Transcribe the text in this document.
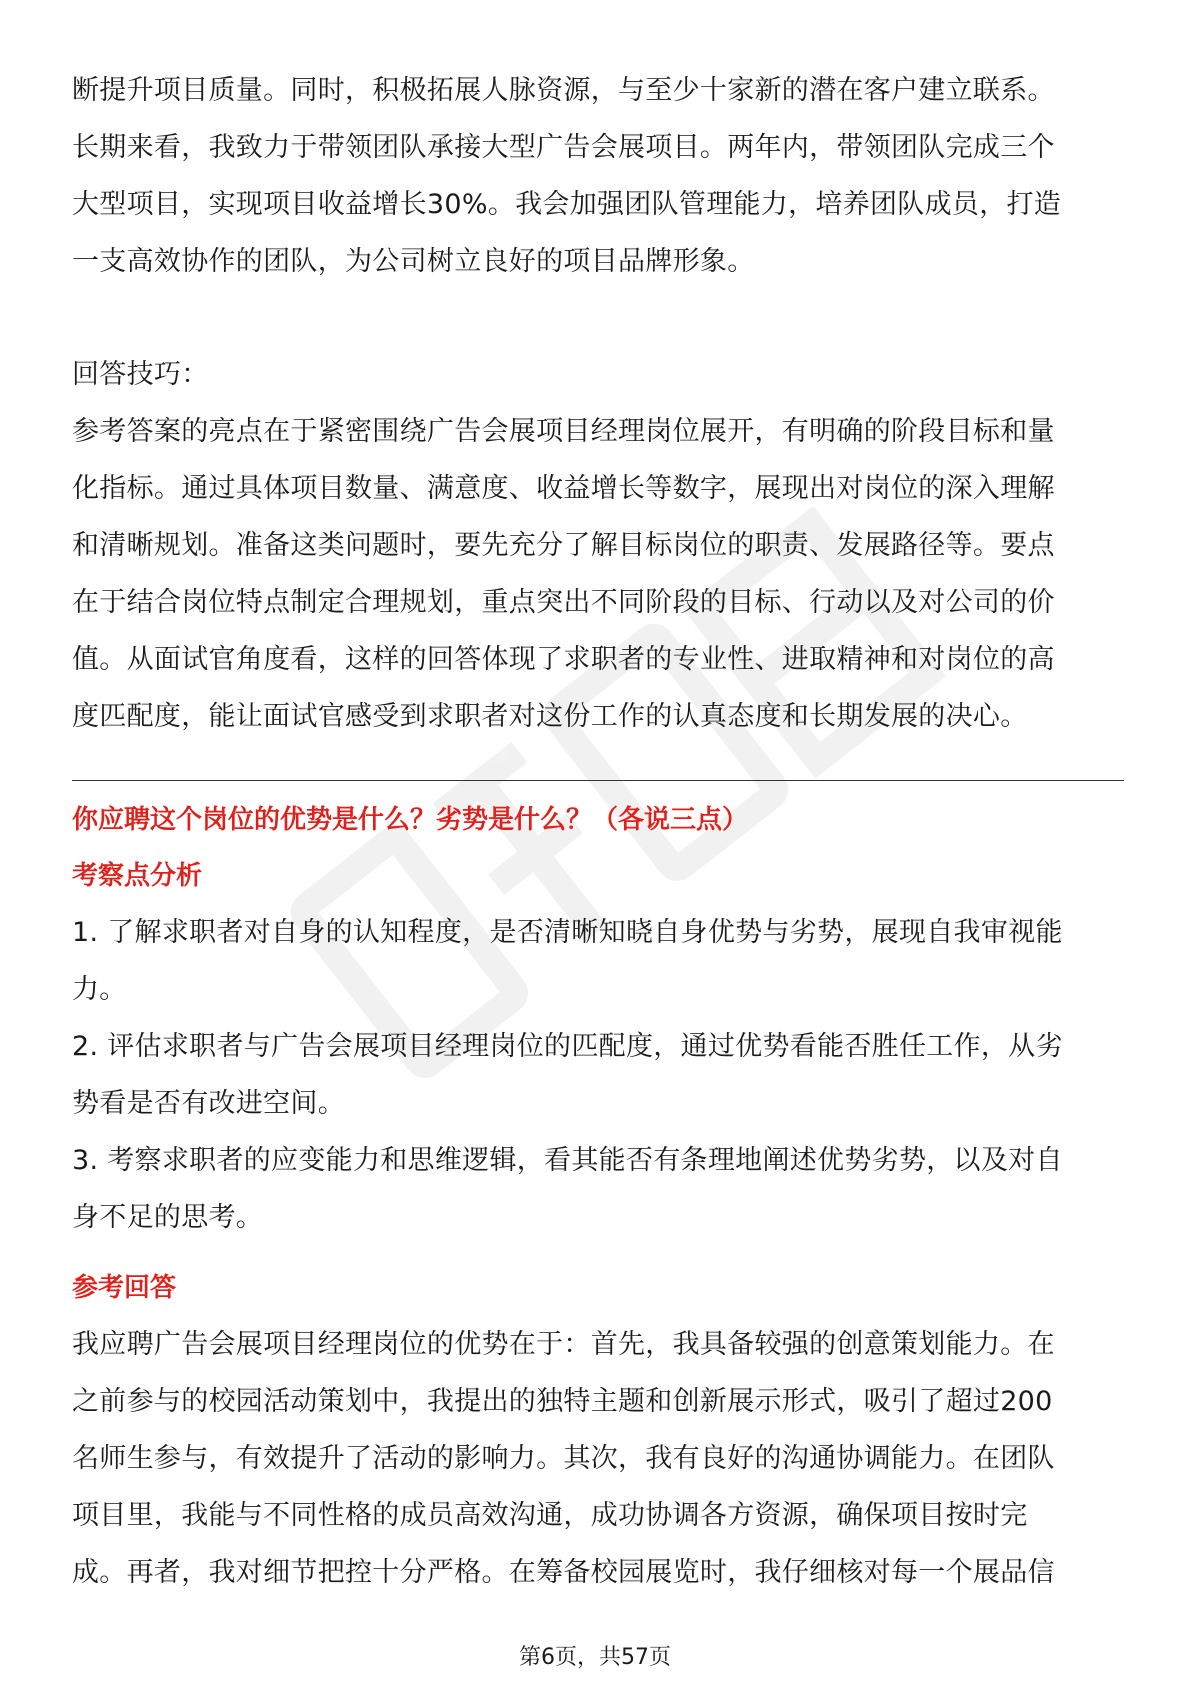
断提升项目质量。同时，积极拓展人脉资源，与至少十家新的潜在客户建立联系。

长期来看，我致力于带领团队承接大型广告会展项目。两年内，带领团队完成三个

大型项目，实现项目收益增长30%。我会加强团队管理能力，培养团队成员，打造

一支高效协作的团队，为公司树立良好的项目品牌形象。

回答技巧：

参考答案的亮点在于紧密围绕广告会展项目经理岗位展开，有明确的阶段目标和量

化指标。通过具体项目数量、满意度、收益增长等数字，展现出对岗位的深入理解

和清晰规划。准备这类问题时，要先充分了解目标岗位的职责、发展路径等。要点

在于结合岗位特点制定合理规划，重点突出不同阶段的目标、行动以及对公司的价

值。从面试官角度看，这样的回答体现了求职者的专业性、进取精神和对岗位的高

度匹配度，能让面试官感受到求职者对这份工作的认真态度和长期发展的决心。

你应聘这个岗位的优势是什么？劣势是什么？（各说三点）

考察点分析

1. 了解求职者对自身的认知程度，是否清晰知晓自身优势与劣势，展现自我审视能

力。

2. 评估求职者与广告会展项目经理岗位的匹配度，通过优势看能否胜任工作，从劣

势看是否有改进空间。

3. 考察求职者的应变能力和思维逻辑，看其能否有条理地阐述优势劣势，以及对自

身不足的思考。

参考回答

我应聘广告会展项目经理岗位的优势在于：首先，我具备较强的创意策划能力。在

之前参与的校园活动策划中，我提出的独特主题和创新展示形式，吸引了超过200

名师生参与，有效提升了活动的影响力。其次，我有良好的沟通协调能力。在团队

项目里，我能与不同性格的成员高效沟通，成功协调各方资源，确保项目按时完

成。再者，我对细节把控十分严格。在筹备校园展览时，我仔细核对每一个展品信

第6页，共57页
